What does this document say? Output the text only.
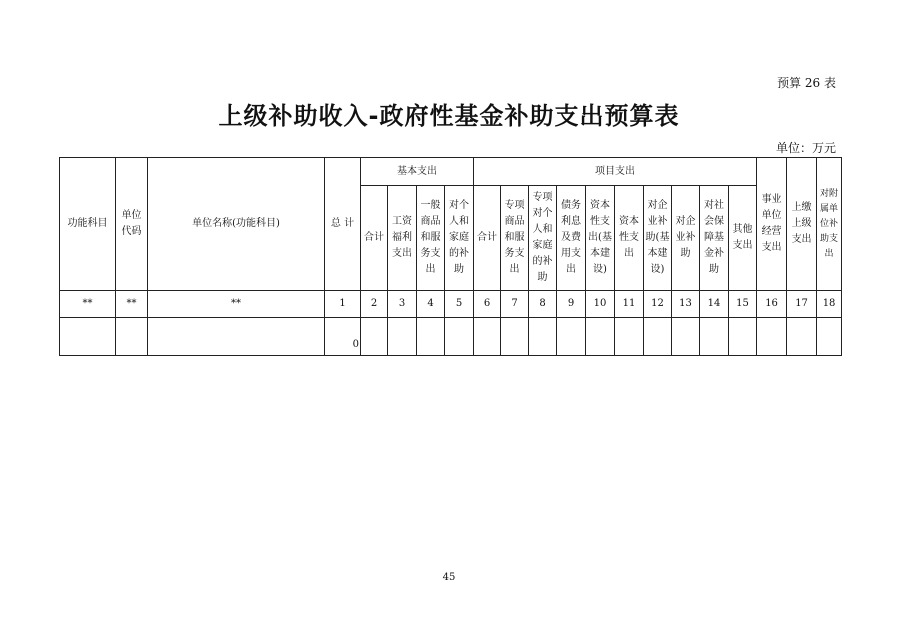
预算 26 表
上级补助收入-政府性基金补助支出预算表
单位：万元
功能科目	单位代码	单位名称(功能科目)	总 计	基本支出				项目支出										事业单位经营支出	上缴上级支出	对附属单位补助支出
				合计	工资福利支出	一般商品和服务支出	对个人和家庭的补助	合计	专项商品和服务支出	专项对个人和家庭的补助	债务利息及费用支出	资本性支出(基本建设)	资本性支出	对企业补助(基本建设)	对企业补助	对社会保障基金补助	其他支出			
**	**	**	1	2	3	4	5	6	7	8	9	10	11	12	13	14	15	16	17	18
			0																	
45
